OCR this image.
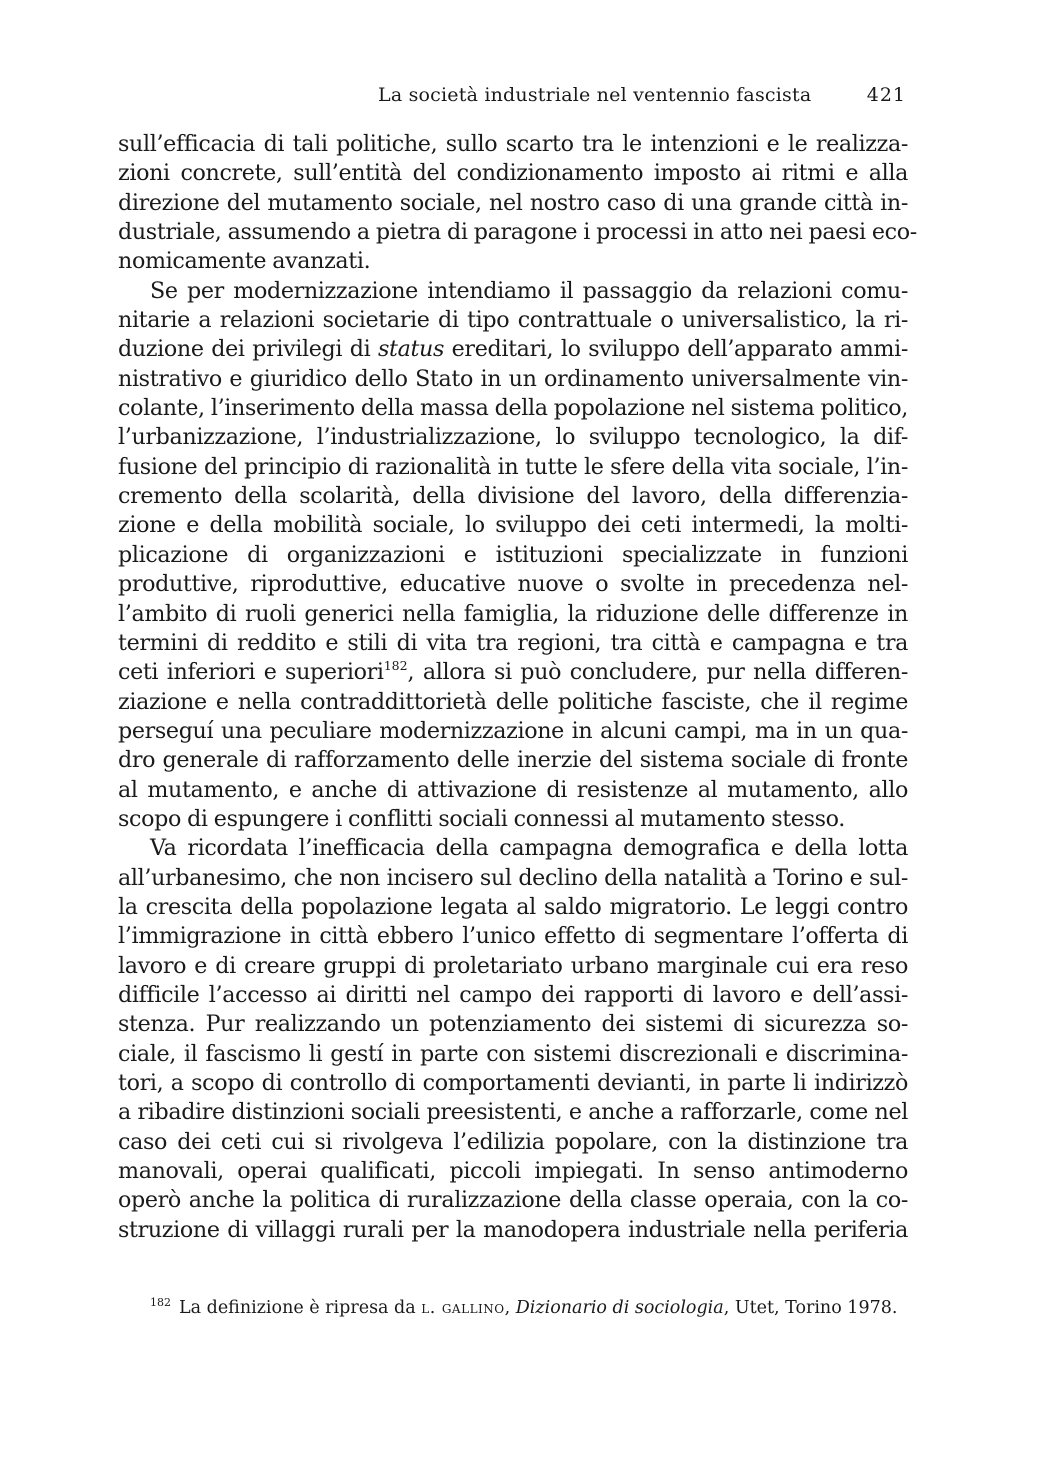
La società industriale nel ventennio fascista	421
sull’efficacia di tali politiche, sullo scarto tra le intenzioni e le realizza-
zioni concrete, sull’entità del condizionamento imposto ai ritmi e alla
direzione del mutamento sociale, nel nostro caso di una grande città in-
dustriale, assumendo a pietra di paragone i processi in atto nei paesi eco-
nomicamente avanzati.
Se per modernizzazione intendiamo il passaggio da relazioni comu-
nitarie a relazioni societarie di tipo contrattuale o universalistico, la ri-
duzione dei privilegi di status ereditari, lo sviluppo dell’apparato ammi-
nistrativo e giuridico dello Stato in un ordinamento universalmente vin-
colante, l’inserimento della massa della popolazione nel sistema politico,
l’urbanizzazione, l’industrializzazione, lo sviluppo tecnologico, la dif-
fusione del principio di razionalità in tutte le sfere della vita sociale, l’in-
cremento della scolarità, della divisione del lavoro, della differenzia-
zione e della mobilità sociale, lo sviluppo dei ceti intermedi, la molti-
plicazione di organizzazioni e istituzioni specializzate in funzioni
produttive, riproduttive, educative nuove o svolte in precedenza nel-
l’ambito di ruoli generici nella famiglia, la riduzione delle differenze in
termini di reddito e stili di vita tra regioni, tra città e campagna e tra
ceti inferiori e superiori$^{182}$, allora si può concludere, pur nella differen-
ziazione e nella contraddittorietà delle politiche fasciste, che il regime
perseguí una peculiare modernizzazione in alcuni campi, ma in un qua-
dro generale di rafforzamento delle inerzie del sistema sociale di fronte
al mutamento, e anche di attivazione di resistenze al mutamento, allo
scopo di espungere i conflitti sociali connessi al mutamento stesso.
Va ricordata l’inefficacia della campagna demografica e della lotta
all’urbanesimo, che non incisero sul declino della natalità a Torino e sul-
la crescita della popolazione legata al saldo migratorio. Le leggi contro
l’immigrazione in città ebbero l’unico effetto di segmentare l’offerta di
lavoro e di creare gruppi di proletariato urbano marginale cui era reso
difficile l’accesso ai diritti nel campo dei rapporti di lavoro e dell’assi-
stenza. Pur realizzando un potenziamento dei sistemi di sicurezza so-
ciale, il fascismo li gestí in parte con sistemi discrezionali e discrimina-
tori, a scopo di controllo di comportamenti devianti, in parte li indirizzò
a ribadire distinzioni sociali preesistenti, e anche a rafforzarle, come nel
caso dei ceti cui si rivolgeva l’edilizia popolare, con la distinzione tra
manovali, operai qualificati, piccoli impiegati. In senso antimoderno
operò anche la politica di ruralizzazione della classe operaia, con la co-
struzione di villaggi rurali per la manodopera industriale nella periferia
$^{182}$ La definizione è ripresa da l. gallino, Dizionario di sociologia, Utet, Torino 1978.
